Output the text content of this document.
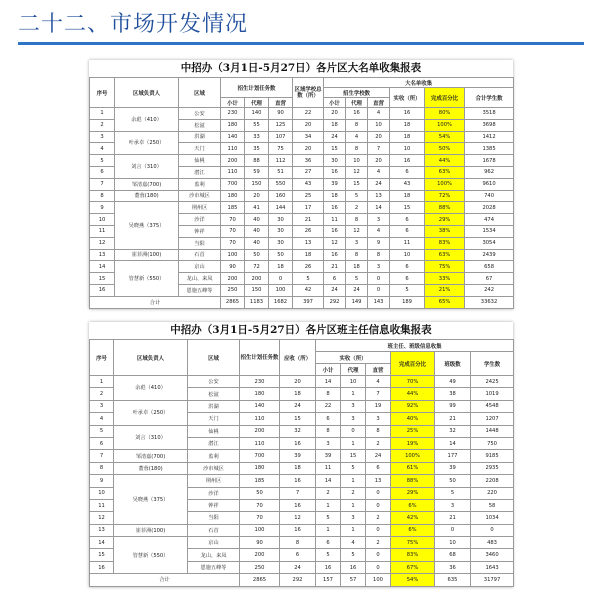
二十二、市场开发情况
中招办（3月1日-5月27日）各片区大名单收集报表
序号	区域负责人	区域	招生计划任务数			区域学校总数（所）	大名单收集					
							招生学校数			实收（所）	完成百分比	合计学生数
			小计	代理	直营		小计	代理	直营			
1	余彪（410）	公安	230	140	90	22	20	16	4	16	80%	3518
2		松滋	180	55	125	20	18	8	10	18	100%	3698
3	叶承卓（250）	洪湖	140	33	107	34	24	4	20	18	54%	1412
4		天门	110	35	75	20	15	8	7	10	50%	1385
5	刘言（310）	仙桃	200	88	112	36	30	10	20	16	44%	1678
6		潜江	110	59	51	27	16	12	4	6	63%	962
7	邹清嘉(700)	监利	700	150	550	43	39	15	24	43	100%	9610
8	董蓉(180)	沙市城区	180	20	160	25	18	5	13	18	72%	740
9	吴晓燕（375）	荆州区	185	41	144	17	16	2	14	15	88%	2028
10		沙洋	70	40	30	21	11	8	3	6	29%	474
11		钟祥	70	40	30	26	16	12	4	6	38%	1534
12		当阳	70	40	30	13	12	3	9	11	83%	3054
13	崔菲洲(100)	石首	100	50	50	18	16	8	8	10	63%	2439
14	管慧新（550）	京山	90	72	18	26	21	18	3	6	75%	658
15		龙山、来凤	200	200	0	5	6	5	0	6	33%	67
16		恩施五峰等	250	150	100	42	24	24	0	5	21%	242
合计			2865	1183	1682	397	292	149	143	189	65%	33632
中招办（3月1日-5月27日）各片区班主任信息收集报表
序号	区域负责人	区域	招生计划任务数	应收（所）	班主任、班级信息收集					
					实收（所）			完成百分比	班级数	学生数
					小计	代理	直营			
1	余彪（410）	公安	230	20	14	10	4	70%	49	2425
2		松滋	180	18	8	1	7	44%	38	1019
3	叶承卓（250）	洪湖	140	24	22	3	19	92%	99	4548
4		天门	110	15	6	3	3	40%	21	1207
5	刘言（310）	仙桃	200	32	8	0	8	25%	32	1448
6		潜江	110	16	3	1	2	19%	14	750
7	邹清嘉(700)	监利	700	39	39	15	24	100%	177	9185
8	董蓉(180)	沙市城区	180	18	11	5	6	61%	39	2935
9	吴晓燕（375）	荆州区	185	16	14	1	13	88%	50	2208
10		沙洋	50	7	2	2	0	29%	5	220
11		钟祥	70	16	1	1	0	6%	3	58
12		当阳	70	12	5	3	2	42%	21	1034
13	崔菲洲(100)	石首	100	16	1	1	0	6%	0	0
14	管慧新（550）	京山	90	8	6	4	2	75%	10	483
15		龙山、来凤	200	6	5	5	0	83%	68	3460
16		恩施五峰等	250	24	16	16	0	67%	36	1643
合计			2865	292	157	57	100	54%	635	31797
